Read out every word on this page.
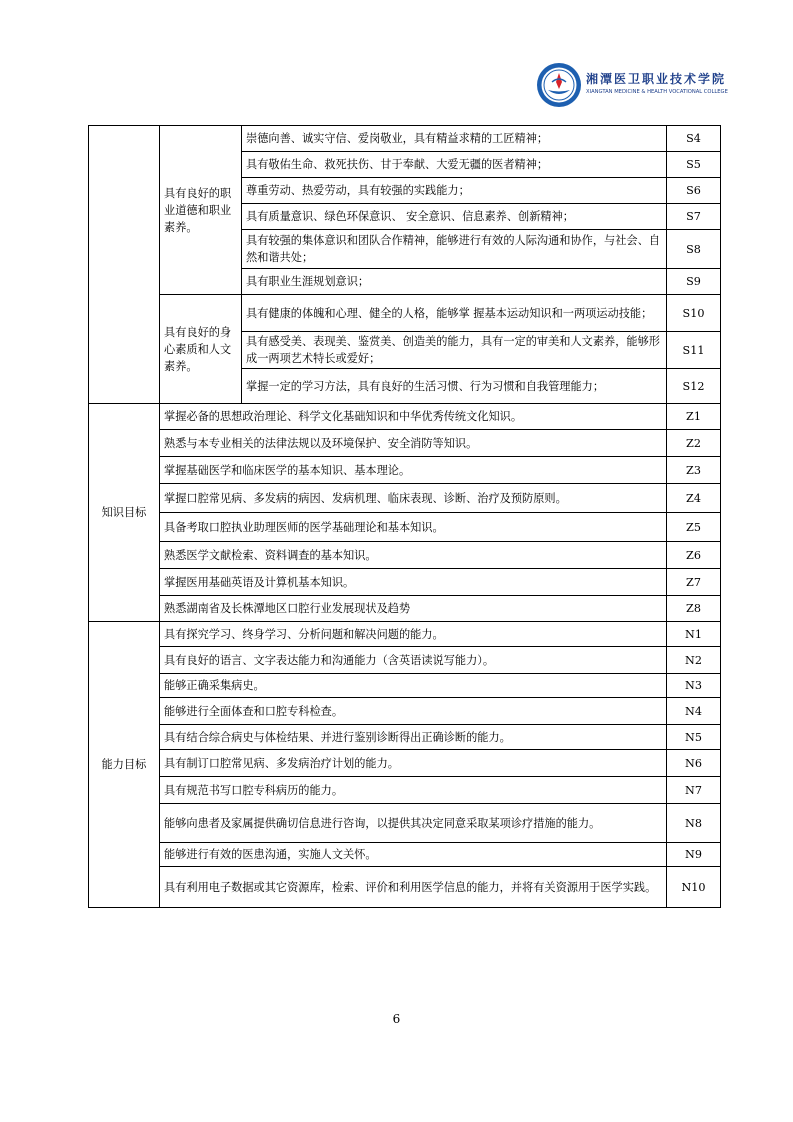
湘潭医卫职业技术学院
XIANGTAN MEDICINE & HEALTH VOCATIONAL COLLEGE
	具有良好的职业道德和职业素养。	崇德向善、诚实守信、爱岗敬业，具有精益求精的工匠精神；	S4
		具有敬佑生命、救死扶伤、甘于奉献、大爱无疆的医者精神；	S5
		尊重劳动、热爱劳动，具有较强的实践能力；	S6
		具有质量意识、绿色环保意识、 安全意识、信息素养、创新精神；	S7
		具有较强的集体意识和团队合作精神，能够进行有效的人际沟通和协作，与社会、自然和谐共处；	S8
		具有职业生涯规划意识；	S9
	具有良好的身心素质和人文素养。	具有健康的体魄和心理、健全的人格，能够掌 握基本运动知识和一两项运动技能；	S10
		具有感受美、表现美、鉴赏美、创造美的能力，具有一定的审美和人文素养，能够形成一两项艺术特长或爱好；	S11
		掌握一定的学习方法，具有良好的生活习惯、行为习惯和自我管理能力；	S12
知识目标	掌握必备的思想政治理论、科学文化基础知识和中华优秀传统文化知识。		Z1
	熟悉与本专业相关的法律法规以及环境保护、安全消防等知识。		Z2
	掌握基础医学和临床医学的基本知识、基本理论。		Z3
	掌握口腔常见病、多发病的病因、发病机理、临床表现、诊断、治疗及预防原则。		Z4
	具备考取口腔执业助理医师的医学基础理论和基本知识。		Z5
	熟悉医学文献检索、资料调查的基本知识。		Z6
	掌握医用基础英语及计算机基本知识。		Z7
	熟悉湖南省及长株潭地区口腔行业发展现状及趋势		Z8
能力目标	具有探究学习、终身学习、分析问题和解决问题的能力。		N1
	具有良好的语言、文字表达能力和沟通能力（含英语读说写能力）。		N2
	能够正确采集病史。		N3
	能够进行全面体查和口腔专科检查。		N4
	具有结合综合病史与体检结果、并进行鉴别诊断得出正确诊断的能力。		N5
	具有制订口腔常见病、多发病治疗计划的能力。		N6
	具有规范书写口腔专科病历的能力。		N7
	能够向患者及家属提供确切信息进行咨询，以提供其决定同意采取某项诊疗措施的能力。		N8
	能够进行有效的医患沟通，实施人文关怀。		N9
	具有利用电子数据或其它资源库，检索、评价和利用医学信息的能力，并将有关资源用于医学实践。		N10
6
